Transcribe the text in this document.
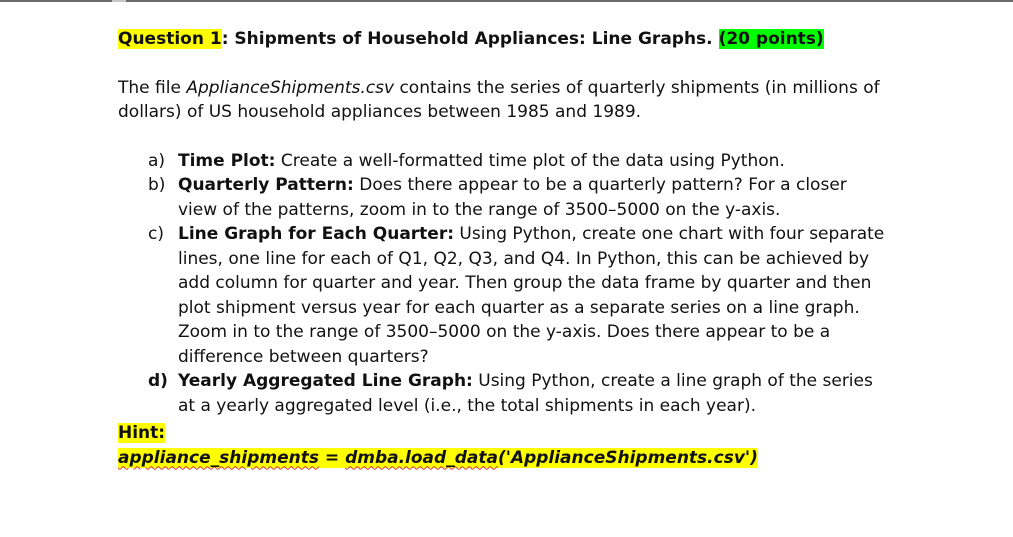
Question 1: Shipments of Household Appliances: Line Graphs. (20 points)

The file ApplianceShipments.csv contains the series of quarterly shipments (in millions of dollars) of US household appliances between 1985 and 1989.

a) Time Plot: Create a well-formatted time plot of the data using Python.
b) Quarterly Pattern: Does there appear to be a quarterly pattern? For a closer view of the patterns, zoom in to the range of 3500–5000 on the y-axis.
c) Line Graph for Each Quarter: Using Python, create one chart with four separate lines, one line for each of Q1, Q2, Q3, and Q4. In Python, this can be achieved by add column for quarter and year. Then group the data frame by quarter and then plot shipment versus year for each quarter as a separate series on a line graph. Zoom in to the range of 3500–5000 on the y-axis. Does there appear to be a difference between quarters?
d) Yearly Aggregated Line Graph: Using Python, create a line graph of the series at a yearly aggregated level (i.e., the total shipments in each year).
Hint:
appliance_shipments = dmba.load_data('ApplianceShipments.csv')
